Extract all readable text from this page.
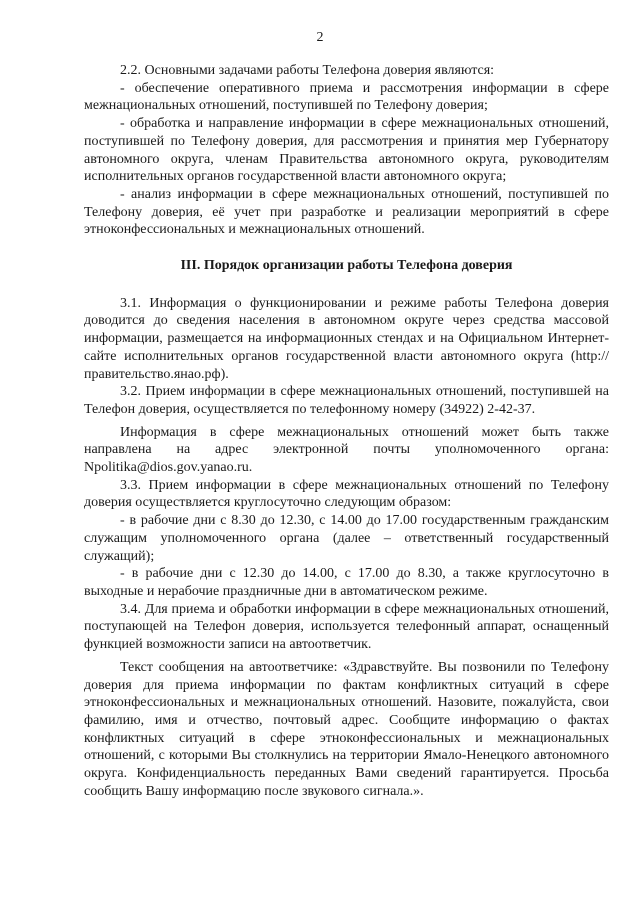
2

2.2. Основными задачами работы Телефона доверия являются:

- обеспечение оперативного приема и рассмотрения информации в сфере межнациональных отношений, поступившей по Телефону доверия;

- обработка и направление информации в сфере межнациональных отношений, поступившей по Телефону доверия, для рассмотрения и принятия мер Губернатору автономного округа, членам Правительства автономного округа, руководителям исполнительных органов государственной власти автономного округа;

- анализ информации в сфере межнациональных отношений, поступившей по Телефону доверия, её учет при разработке и реализации мероприятий в сфере этноконфессиональных и межнациональных отношений.

III. Порядок организации работы Телефона доверия

3.1. Информация о функционировании и режиме работы Телефона доверия доводится до сведения населения в автономном округе через средства массовой информации, размещается на информационных стендах и на Официальном Интернет-сайте исполнительных органов государственной власти автономного округа (http://правительство.янао.рф).

3.2. Прием информации в сфере межнациональных отношений, поступившей на Телефон доверия, осуществляется по телефонному номеру (34922) 2-42-37.

Информация в сфере межнациональных отношений может быть также направлена на адрес электронной почты уполномоченного органа: Npolitika@dios.gov.yanao.ru.

3.3. Прием информации в сфере межнациональных отношений по Телефону доверия осуществляется круглосуточно следующим образом:

- в рабочие дни с 8.30 до 12.30, с 14.00 до 17.00 государственным гражданским служащим уполномоченного органа (далее – ответственный государственный служащий);

- в рабочие дни с 12.30 до 14.00, с 17.00 до 8.30, а также круглосуточно в выходные и нерабочие праздничные дни в автоматическом режиме.

3.4. Для приема и обработки информации в сфере межнациональных отношений, поступающей на Телефон доверия, используется телефонный аппарат, оснащенный функцией возможности записи на автоответчик.

Текст сообщения на автоответчике: «Здравствуйте. Вы позвонили по Телефону доверия для приема информации по фактам конфликтных ситуаций в сфере этноконфессиональных и межнациональных отношений. Назовите, пожалуйста, свои фамилию, имя и отчество, почтовый адрес. Сообщите информацию о фактах конфликтных ситуаций в сфере этноконфессиональных и межнациональных отношений, с которыми Вы столкнулись на территории Ямало-Ненецкого автономного округа. Конфиденциальность переданных Вами сведений гарантируется. Просьба сообщить Вашу информацию после звукового сигнала.».
